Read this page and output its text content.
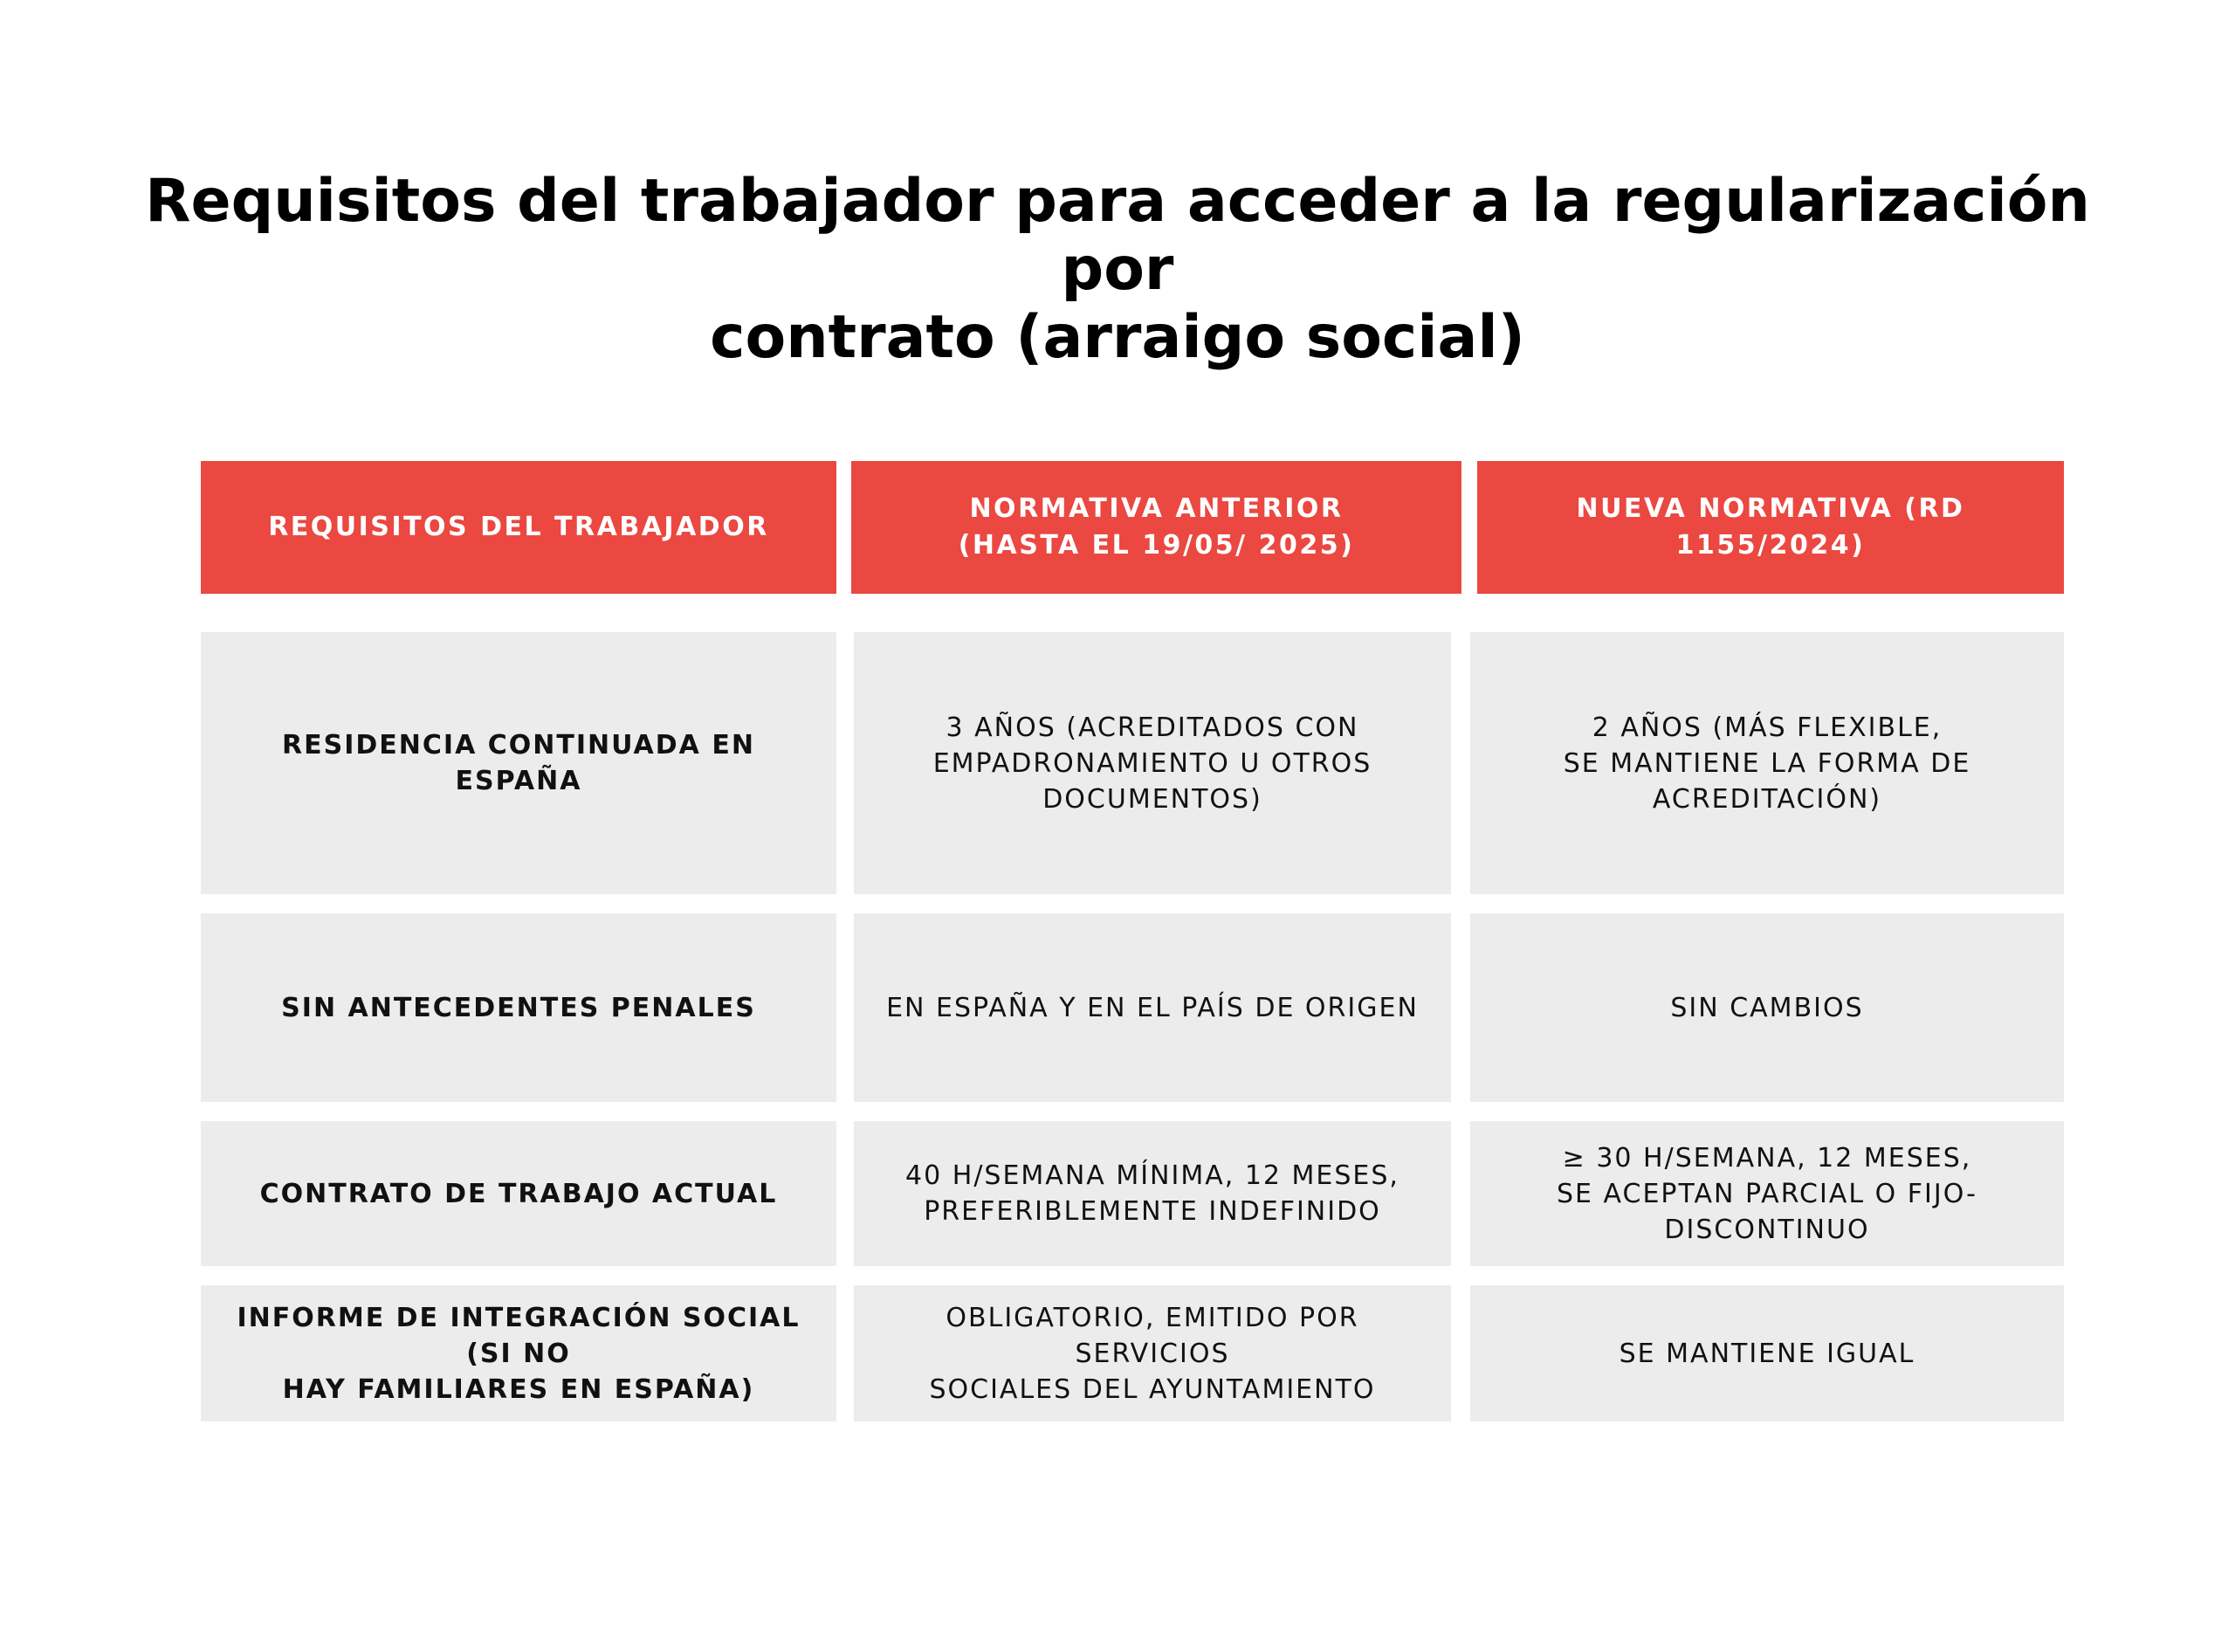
Requisitos del trabajador para acceder a la regularización por
contrato (arraigo social)
REQUISITOS DEL TRABAJADOR
NORMATIVA ANTERIOR
(HASTA EL 19/05/ 2025)
NUEVA NORMATIVA (RD 1155/2024)
RESIDENCIA CONTINUADA EN ESPAÑA
3 AÑOS (ACREDITADOS CON
EMPADRONAMIENTO U OTROS
DOCUMENTOS)
2 AÑOS (MÁS FLEXIBLE,
SE MANTIENE LA FORMA DE
ACREDITACIÓN)
SIN ANTECEDENTES PENALES	EN ESPAÑA Y EN EL PAÍS DE ORIGEN	SIN CAMBIOS
CONTRATO DE TRABAJO ACTUAL
40 H/SEMANA MÍNIMA, 12 MESES,
PREFERIBLEMENTE INDEFINIDO
≥ 30 H/SEMANA, 12 MESES,
SE ACEPTAN PARCIAL O FIJO-
DISCONTINUO
INFORME DE INTEGRACIÓN SOCIAL (SI NO
HAY FAMILIARES EN ESPAÑA)
OBLIGATORIO, EMITIDO POR SERVICIOS
SOCIALES DEL AYUNTAMIENTO
SE MANTIENE IGUAL
